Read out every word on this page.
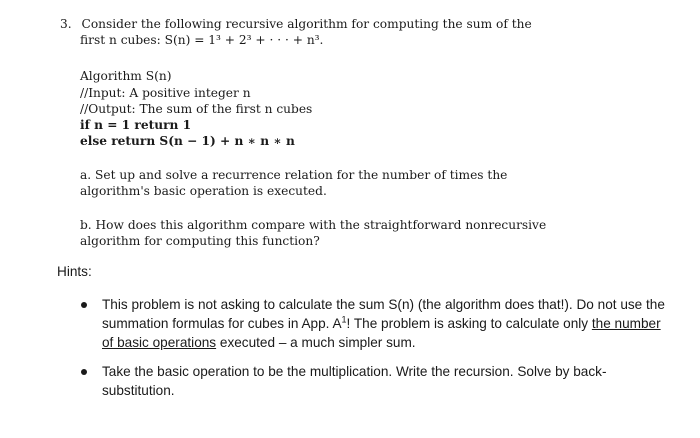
3. Consider the following recursive algorithm for computing the sum of the
first n cubes: S(n) = 1³ + 2³ + · · · + n³.
Algorithm S(n)
//Input: A positive integer n
//Output: The sum of the first n cubes
if n = 1 return 1
else return S(n − 1) + n ∗ n ∗ n
a. Set up and solve a recurrence relation for the number of times the
algorithm's basic operation is executed.
b. How does this algorithm compare with the straightforward nonrecursive
algorithm for computing this function?
Hints:
This problem is not asking to calculate the sum S(n) (the algorithm does that!). Do not use the summation formulas for cubes in App. $A^1$! The problem is asking to calculate only the number of basic operations executed – a much simpler sum.
Take the basic operation to be the multiplication. Write the recursion. Solve by back-substitution.
